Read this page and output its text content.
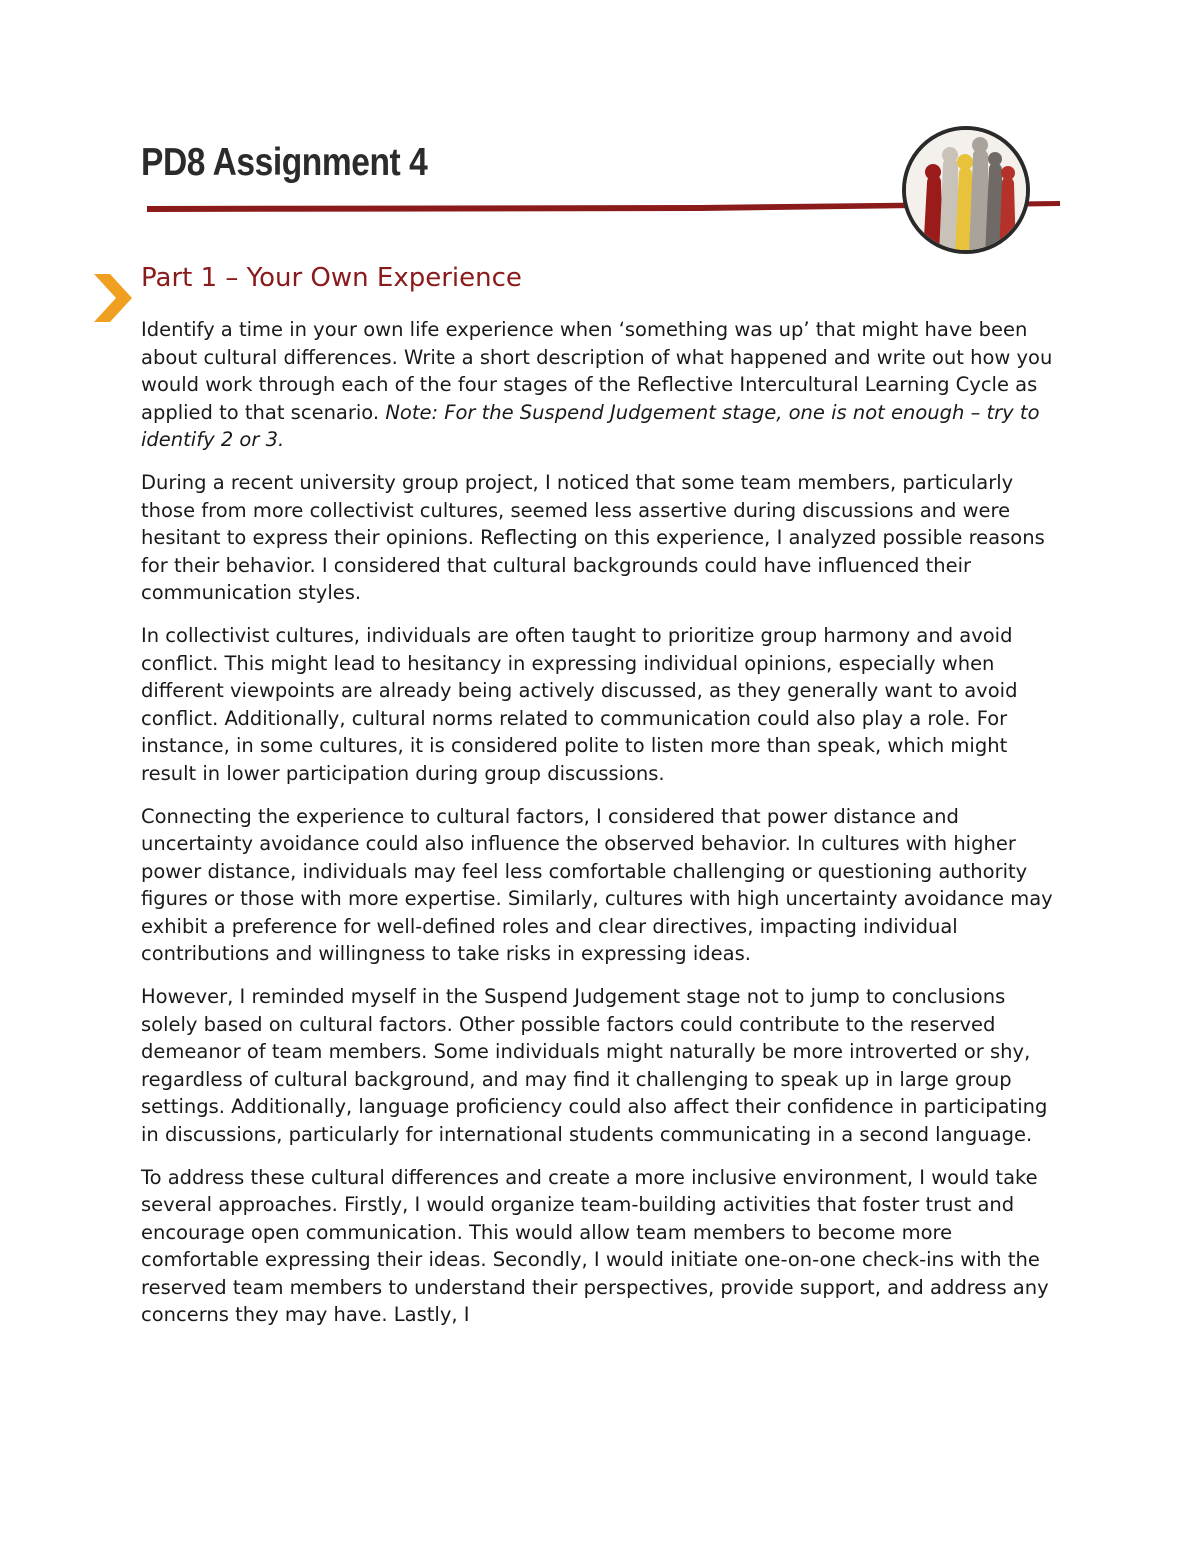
PD8 Assignment 4
Part 1 – Your Own Experience

Identify a time in your own life experience when ‘something was up’ that might have been about cultural differences. Write a short description of what happened and write out how you would work through each of the four stages of the Reflective Intercultural Learning Cycle as applied to that scenario. Note: For the Suspend Judgement stage, one is not enough – try to identify 2 or 3.

During a recent university group project, I noticed that some team members, particularly those from more collectivist cultures, seemed less assertive during discussions and were hesitant to express their opinions. Reflecting on this experience, I analyzed possible reasons for their behavior. I considered that cultural backgrounds could have influenced their communication styles.

In collectivist cultures, individuals are often taught to prioritize group harmony and avoid conflict. This might lead to hesitancy in expressing individual opinions, especially when different viewpoints are already being actively discussed, as they generally want to avoid conflict. Additionally, cultural norms related to communication could also play a role. For instance, in some cultures, it is considered polite to listen more than speak, which might result in lower participation during group discussions.

Connecting the experience to cultural factors, I considered that power distance and uncertainty avoidance could also influence the observed behavior. In cultures with higher power distance, individuals may feel less comfortable challenging or questioning authority figures or those with more expertise. Similarly, cultures with high uncertainty avoidance may exhibit a preference for well-defined roles and clear directives, impacting individual contributions and willingness to take risks in expressing ideas.

However, I reminded myself in the Suspend Judgement stage not to jump to conclusions solely based on cultural factors. Other possible factors could contribute to the reserved demeanor of team members. Some individuals might naturally be more introverted or shy, regardless of cultural background, and may find it challenging to speak up in large group settings. Additionally, language proficiency could also affect their confidence in participating in discussions, particularly for international students communicating in a second language.

To address these cultural differences and create a more inclusive environment, I would take several approaches. Firstly, I would organize team-building activities that foster trust and encourage open communication. This would allow team members to become more comfortable expressing their ideas. Secondly, I would initiate one-on-one check-ins with the reserved team members to understand their perspectives, provide support, and address any concerns they may have. Lastly, I
